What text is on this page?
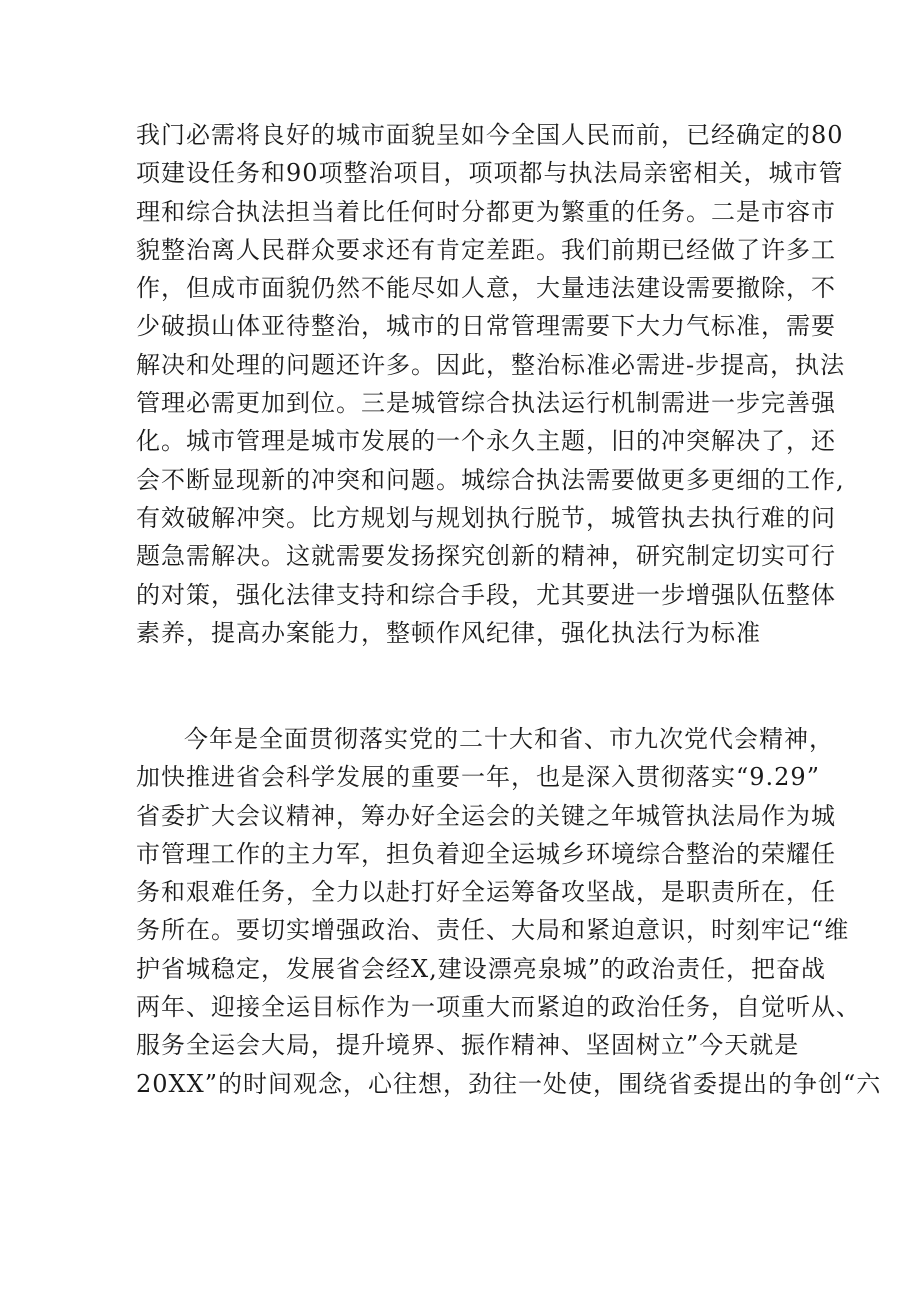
我门必需将良好的城市面貌呈如今全国人民而前，已经确定的80
项建设任务和90项整治项目，项项都与执法局亲密相关，城市管
理和综合执法担当着比任何时分都更为繁重的任务。二是市容市
貌整治离人民群众要求还有肯定差距。我们前期已经做了许多工
作，但成市面貌仍然不能尽如人意，大量违法建设需要撤除，不
少破损山体亚待整治，城市的日常管理需要下大力气标准，需要
解决和处理的问题还许多。因此，整治标准必需进-步提高，执法
管理必需更加到位。三是城管综合执法运行机制需进一步完善强
化。城市管理是城市发展的一个永久主题，旧的冲突解决了，还
会不断显现新的冲突和问题。城综合执法需要做更多更细的工作,
有效破解冲突。比方规划与规划执行脱节，城管执去执行难的问
题急需解决。这就需要发扬探究创新的精神，研究制定切实可行
的对策，强化法律支持和综合手段，尤其要进一步增强队伍整体
素养，提高办案能力，整顿作风纪律，强化执法行为标准
今年是全面贯彻落实党的二十大和省、市九次党代会精神，
加快推进省会科学发展的重要一年，也是深入贯彻落实“9.29”
省委扩大会议精神，筹办好全运会的关键之年城管执法局作为城
市管理工作的主力军，担负着迎全运城乡环境综合整治的荣耀任
务和艰难任务，全力以赴打好全运筹备攻坚战，是职责所在，任
务所在。要切实增强政治、责任、大局和紧迫意识，时刻牢记“维
护省城稳定，发展省会经X,建设漂亮泉城”的政治责任，把奋战
两年、迎接全运目标作为一项重大而紧迫的政治任务，自觉听从、
服务全运会大局，提升境界、振作精神、坚固树立”今天就是
20XX”的时间观念，心往想，劲往一处使，围绕省委提出的争创“六
